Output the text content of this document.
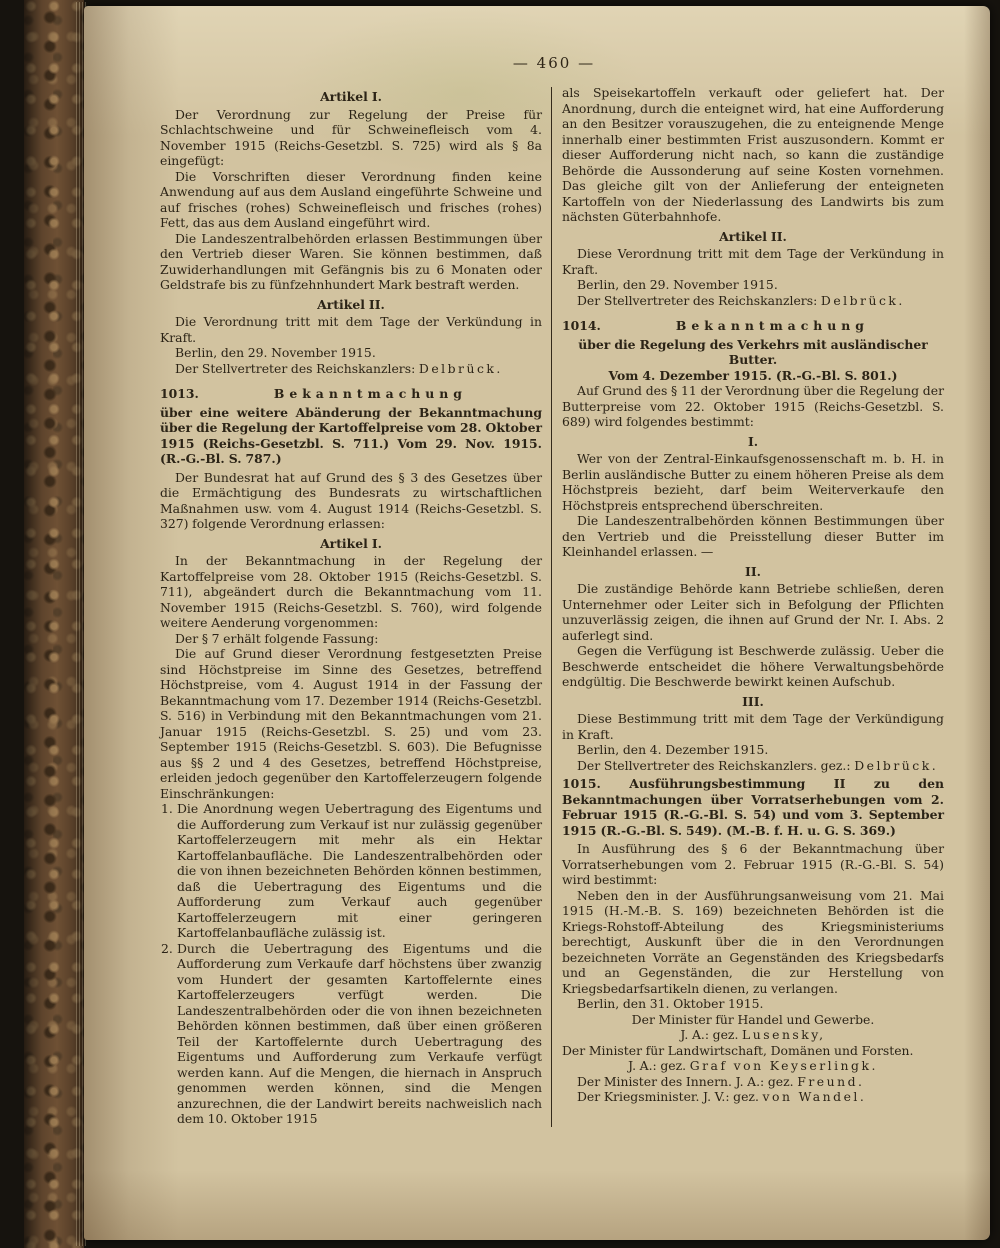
— 460 —
Artikel I.

Der Verordnung zur Regelung der Preise für Schlachtschweine und für Schweinefleisch vom 4. November 1915 (Reichs-Gesetzbl. S. 725) wird als § 8a eingefügt:

Die Vorschriften dieser Verordnung finden keine Anwendung auf aus dem Ausland eingeführte Schweine und auf frisches (rohes) Schweinefleisch und frisches (rohes) Fett, das aus dem Ausland eingeführt wird.

Die Landeszentralbehörden erlassen Bestimmungen über den Vertrieb dieser Waren. Sie können bestimmen, daß Zuwiderhandlungen mit Gefängnis bis zu 6 Monaten oder Geldstrafe bis zu fünfzehnhundert Mark bestraft werden.

Artikel II.

Die Verordnung tritt mit dem Tage der Verkündung in Kraft.

Berlin, den 29. November 1915.
Der Stellvertreter des Reichskanzlers: Delbrück.
1013.	Bekanntmachung

über eine weitere Abänderung der Bekanntmachung über die Regelung der Kartoffelpreise vom 28. Oktober 1915 (Reichs-Gesetzbl. S. 711.) Vom 29. Nov. 1915. (R.-G.-Bl. S. 787.)

Der Bundesrat hat auf Grund des § 3 des Gesetzes über die Ermächtigung des Bundesrats zu wirtschaftlichen Maßnahmen usw. vom 4. August 1914 (Reichs-Gesetzbl. S. 327) folgende Verordnung erlassen:

Artikel I.

In der Bekanntmachung in der Regelung der Kartoffelpreise vom 28. Oktober 1915 (Reichs-Gesetzbl. S. 711), abgeändert durch die Bekanntmachung vom 11. November 1915 (Reichs-Gesetzbl. S. 760), wird folgende weitere Aenderung vorgenommen:

Der § 7 erhält folgende Fassung:

Die auf Grund dieser Verordnung festgesetzten Preise sind Höchstpreise im Sinne des Gesetzes, betreffend Höchstpreise, vom 4. August 1914 in der Fassung der Bekanntmachung vom 17. Dezember 1914 (Reichs-Gesetzbl. S. 516) in Verbindung mit den Bekanntmachungen vom 21. Januar 1915 (Reichs-Gesetzbl. S. 25) und vom 23. September 1915 (Reichs-Gesetzbl. S. 603). Die Befugnisse aus §§ 2 und 4 des Gesetzes, betreffend Höchstpreise, erleiden jedoch gegenüber den Kartoffelerzeugern folgende Einschränkungen:

1. Die Anordnung wegen Uebertragung des Eigentums und die Aufforderung zum Verkauf ist nur zulässig gegenüber Kartoffelerzeugern mit mehr als ein Hektar Kartoffelanbaufläche. Die Landeszentralbehörden oder die von ihnen bezeichneten Behörden können bestimmen, daß die Uebertragung des Eigentums und die Aufforderung zum Verkauf auch gegenüber Kartoffelerzeugern mit einer geringeren Kartoffelanbaufläche zulässig ist.
2. Durch die Uebertragung des Eigentums und die Aufforderung zum Verkaufe darf höchstens über zwanzig vom Hundert der gesamten Kartoffelernte eines Kartoffelerzeugers verfügt werden. Die Landeszentralbehörden oder die von ihnen bezeichneten Behörden können bestimmen, daß über einen größeren Teil der Kartoffelernte durch Uebertragung des Eigentums und Aufforderung zum Verkaufe verfügt werden kann. Auf die Mengen, die hiernach in Anspruch genommen werden können, sind die Mengen anzurechnen, die der Landwirt bereits nachweislich nach dem 10. Oktober 1915

als Speisekartoffeln verkauft oder geliefert hat. Der Anordnung, durch die enteignet wird, hat eine Aufforderung an den Besitzer vorauszugehen, die zu enteignende Menge innerhalb einer bestimmten Frist auszusondern. Kommt er dieser Aufforderung nicht nach, so kann die zuständige Behörde die Aussonderung auf seine Kosten vornehmen. Das gleiche gilt von der Anlieferung der enteigneten Kartoffeln von der Niederlassung des Landwirts bis zum nächsten Güterbahnhofe.

Artikel II.

Diese Verordnung tritt mit dem Tage der Verkündung in Kraft.

Berlin, den 29. November 1915.
Der Stellvertreter des Reichskanzlers: Delbrück.
1014.	Bekanntmachung
über die Regelung des Verkehrs mit ausländischer Butter.
Vom 4. Dezember 1915. (R.-G.-Bl. S. 801.)

Auf Grund des § 11 der Verordnung über die Regelung der Butterpreise vom 22. Oktober 1915 (Reichs-Gesetzbl. S. 689) wird folgendes bestimmt:

I.

Wer von der Zentral-Einkaufsgenossenschaft m. b. H. in Berlin ausländische Butter zu einem höheren Preise als dem Höchstpreis bezieht, darf beim Weiterverkaufe den Höchstpreis entsprechend überschreiten.

Die Landeszentralbehörden können Bestimmungen über den Vertrieb und die Preisstellung dieser Butter im Kleinhandel erlassen. —

II.

Die zuständige Behörde kann Betriebe schließen, deren Unternehmer oder Leiter sich in Befolgung der Pflichten unzuverlässig zeigen, die ihnen auf Grund der Nr. I. Abs. 2 auferlegt sind.

Gegen die Verfügung ist Beschwerde zulässig. Ueber die Beschwerde entscheidet die höhere Verwaltungsbehörde endgültig. Die Beschwerde bewirkt keinen Aufschub.

III.

Diese Bestimmung tritt mit dem Tage der Verkündigung in Kraft.

Berlin, den 4. Dezember 1915.
Der Stellvertreter des Reichskanzlers. gez.: Delbrück.

1015. Ausführungsbestimmung II zu den Bekanntmachungen über Vorratserhebungen vom 2. Februar 1915 (R.-G.-Bl. S. 54) und vom 3. September 1915 (R.-G.-Bl. S. 549). (M.-B. f. H. u. G. S. 369.)

In Ausführung des § 6 der Bekanntmachung über Vorratserhebungen vom 2. Februar 1915 (R.-G.-Bl. S. 54) wird bestimmt:

Neben den in der Ausführungsanweisung vom 21. Mai 1915 (H.-M.-B. S. 169) bezeichneten Behörden ist die Kriegs-Rohstoff-Abteilung des Kriegsministeriums berechtigt, Auskunft über die in den Verordnungen bezeichneten Vorräte an Gegenständen des Kriegsbedarfs und an Gegenständen, die zur Herstellung von Kriegsbedarfsartikeln dienen, zu verlangen.

Berlin, den 31. Oktober 1915.
Der Minister für Handel und Gewerbe.
J. A.: gez. Lusensky,
Der Minister für Landwirtschaft, Domänen und Forsten.
J. A.: gez. Graf von Keyserlingk.
Der Minister des Innern. J. A.: gez. Freund.
Der Kriegsminister. J. V.: gez. von Wandel.
